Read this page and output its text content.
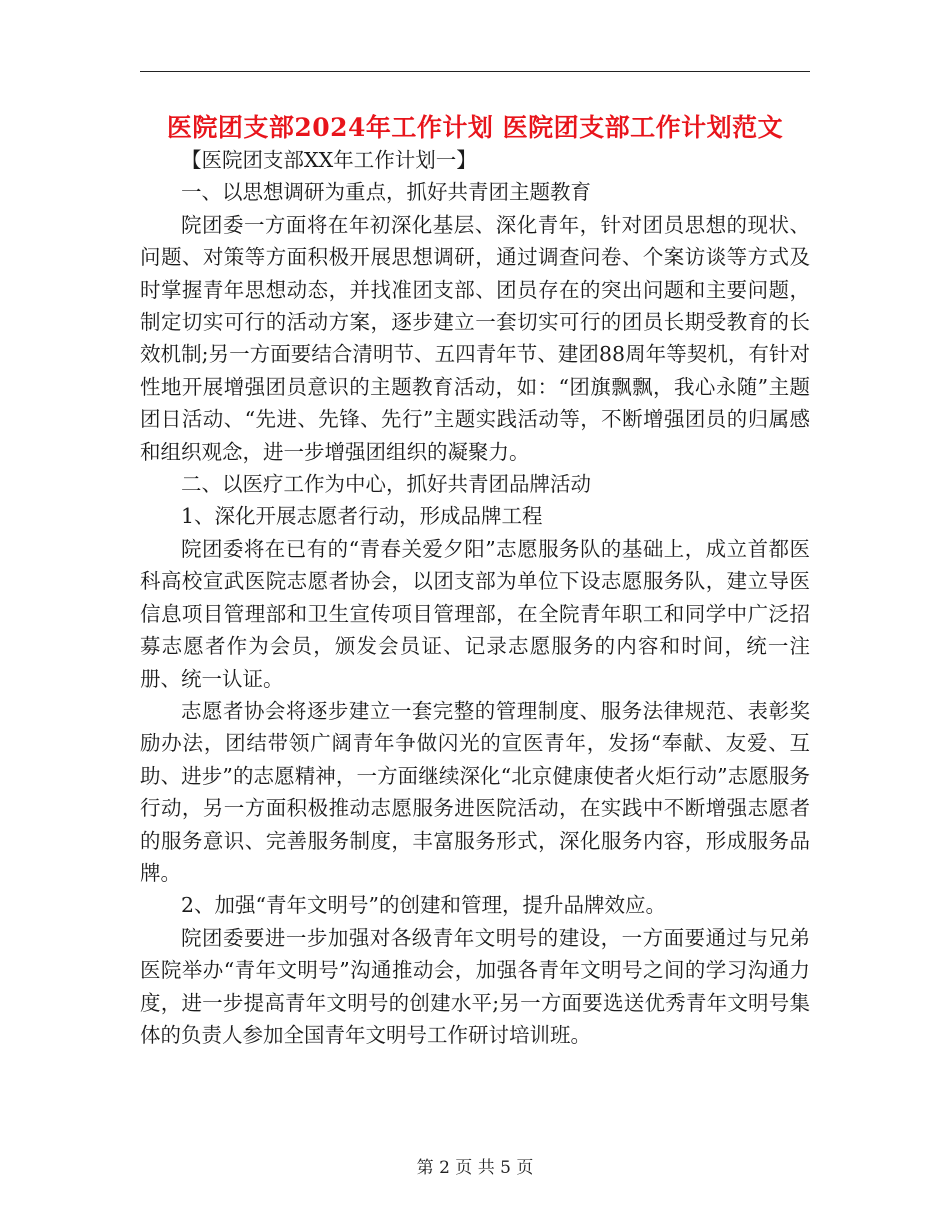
医院团支部2024年工作计划 医院团支部工作计划范文

【医院团支部XX年工作计划一】

一、以思想调研为重点，抓好共青团主题教育

院团委一方面将在年初深化基层、深化青年，针对团员思想的现状、问题、对策等方面积极开展思想调研，通过调查问卷、个案访谈等方式及时掌握青年思想动态，并找准团支部、团员存在的突出问题和主要问题，制定切实可行的活动方案，逐步建立一套切实可行的团员长期受教育的长效机制;另一方面要结合清明节、五四青年节、建团88周年等契机，有针对性地开展增强团员意识的主题教育活动，如：“团旗飘飘，我心永随”主题团日活动、“先进、先锋、先行”主题实践活动等，不断增强团员的归属感和组织观念，进一步增强团组织的凝聚力。

二、以医疗工作为中心，抓好共青团品牌活动

1、深化开展志愿者行动，形成品牌工程

院团委将在已有的“青春关爱夕阳”志愿服务队的基础上，成立首都医科高校宣武医院志愿者协会，以团支部为单位下设志愿服务队，建立导医信息项目管理部和卫生宣传项目管理部，在全院青年职工和同学中广泛招募志愿者作为会员，颁发会员证、记录志愿服务的内容和时间，统一注册、统一认证。

志愿者协会将逐步建立一套完整的管理制度、服务法律规范、表彰奖励办法，团结带领广阔青年争做闪光的宣医青年，发扬“奉献、友爱、互助、进步”的志愿精神，一方面继续深化“北京健康使者火炬行动”志愿服务行动，另一方面积极推动志愿服务进医院活动，在实践中不断增强志愿者的服务意识、完善服务制度，丰富服务形式，深化服务内容，形成服务品牌。

2、加强“青年文明号”的创建和管理，提升品牌效应。

院团委要进一步加强对各级青年文明号的建设，一方面要通过与兄弟医院举办“青年文明号”沟通推动会，加强各青年文明号之间的学习沟通力度，进一步提高青年文明号的创建水平;另一方面要选送优秀青年文明号集体的负责人参加全国青年文明号工作研讨培训班。

第 2 页 共 5 页
